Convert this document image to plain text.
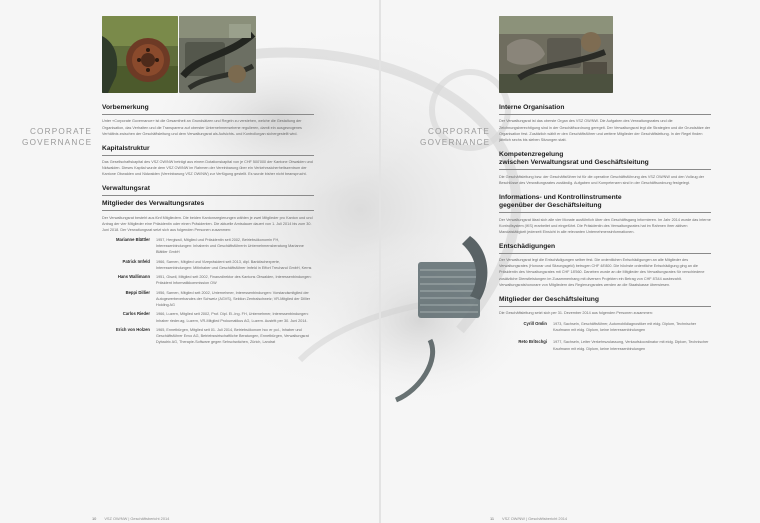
CORPORATE
GOVERNANCE
CORPORATE
GOVERNANCE
Vorbemerkung

Unter «Corporate Governance» ist die Gesamtheit an Grundsätzen und Regeln zu verstehen, welche die Gestaltung der Organisation, das Verhalten und die Transparenz auf oberster Unternehmensebene regulieren, damit ein ausgewogenes Verhältnis zwischen der Geschäftsleitung und dem Verwaltungsrat als Aufsichts- und Kontrollorgan sichergestellt wird.

Kapitalstruktur

Das Gesellschaftskapital des VSZ OW/NW beträgt aus einem Dotationskapital von je CHF 500'000 der Kantone Obwalden und Nidwalden. Dieses Kapital wurde dem VSZ OW/NW im Rahmen der Vereinbarung über ein Verkehrssicherheitszentrum der Kantone Obwalden und Nidwalden (Vereinbarung VSZ OW/NW) zur Verfügung gestellt. Es wurde bisher nicht beansprucht.

Verwaltungsrat
Mitglieder des Verwaltungsrates

Der Verwaltungsrat besteht aus fünf Mitgliedern. Die beiden Kantonsregierungen wählen je zwei Mitglieder pro Kanton und und Antrag der vier Mitglieder eine Präsidentin oder einen Präsidenten. Die aktuelle Amtsdauer dauert von 1. Juli 2014 bis zum 30. Juni 2018. Der Verwaltungsrat setzt sich aus folgenden Personen zusammen:

Marianne Blättler	1957, Hergiswil, Mitglied und Präsidentin seit 2002, Betriebsökonomin FH, Interessenbindungen: Inhaberin und Geschäftsführerin Unternehmensberatung Marianne Blättler GmbH
Patrick Imfeld	1966, Sarnen, Mitglied und Vizepräsident seit 2013, dipl. Bankfachexperte, Interessenbindungen: Mitinhaber und Geschäftsführer Imfeld in Effort Treuhand GmbH, Kerns
Hans Wallimann	1951, Giswil, Mitglied seit 2002, Finanzdirektor des Kantons Obwalden, Interessenbindungen: Präsident Informatikkommission OW
Beppi Dillier	1956, Sarnen, Mitglied seit 2002, Unternehmer, Interessenbindungen: Vorstandsmitglied der Autogewerbeverbandes der Schweiz (AGVS), Sektion Zentralschweiz; VR-Mitglied der Dillier Holding AG
Carlos Rieder	1966, Luzern, Mitglied seit 2002, Prof. Dipl. El.-Ing. FH, Unternehmer, Interessenbindungen: Inhaber rieder.ag, Luzern, VR-Mitglied Prokumatikus AG, Luzern. Austritt per 30. Juni 2014.
Erich von Holzen	1965, Ennetbürgen, Mitglied seit 01. Juli 2014, Betriebsökonom hcc er pol., Inhaber und Geschäftsführer Envo AG, Betriebswirtschaftliche Beratungen, Ennetbürgen, Verwaltungsrat Dybadrix AG, Therapie-Software gegen Sehschwächen, Zürich, Landrat
Interne Organisation

Der Verwaltungsrat ist das oberste Organ des VSZ OW/NW. Die Aufgaben des Verwaltungsrates und die Zeichnungsberechtigung sind in der Geschäftsordnung geregelt. Der Verwaltungsrat legt die Strategien und die Grundsätze der Organisation fest. Zusätzlich wählt er den Geschäftsführer und weitere Mitglieder der Geschäftsleitung. In der Regel finden jährlich sechs bis sieben Sitzungen statt.

Kompetenzregelung
zwischen Verwaltungsrat und Geschäftsleitung

Die Geschäftsleitung bzw. der Geschäftsführer ist für die operative Geschäftsführung des VSZ OW/NW und den Vollzug der Beschlüsse des Verwaltungsrates zuständig. Aufgaben und Kompetenzen sind in der Geschäftsordnung festgelegt.

Informations- und Kontrollinstrumente
gegenüber der Geschäftsleitung

Der Verwaltungsrat lässt sich alle vier Monate ausführlich über den Geschäftsgang informieren. Im Jahr 2014 wurde das interne Kontrollsystem (IKS) erarbeitet und eingeführt. Die Präsidentin des Verwaltungsrates hat im Rahmen ihrer aktiven Mandatstätigkeit jederzeit Einsicht in alle relevanten Unternehmensinformationen.

Entschädigungen

Der Verwaltungsrat legt die Entschädigungen selber fest. Die ordentlichen Entschädigungen an alle Mitglieder des Verwaltungsrates (Honorar und Sitzungsgeld) betrugen CHF 48'800. Die höchste ordentliche Entschädigung ging an die Präsidentin des Verwaltungsrates mit CHF 18'560. Daneben wurde an die Mitglieder des Verwaltungsrates für verschiedene zusätzliche Dienstleistungen im Zusammenhang mit diversen Projekten ein Betrag von CHF 8'344 ausbezahlt. Verwaltungsratshonorare von Mitgliedern des Regierungsrates werden an die Staatskasse überwiesen.

Mitglieder der Geschäftsleitung

Die Geschäftsleitung setzt sich per 31. Dezember 2014 aus folgenden Personen zusammen:

Cyrill Omlin	1973, Sachseln, Geschäftsführer, Automobildiagnostiker mit eidg. Diplom, Technischer Kaufmann mit eidg. Diplom, keine Interessenbindungen
Reto Britschgi	1977, Sachseln, Leiter Verkehrszulassung, Verkaufskoordinator mit eidg. Diplom, Technischer Kaufmann mit eidg. Diplom, keine Interessenbindungen
10 VSZ OW/NW | Geschäftsbericht 2014	11 VSZ OW/NW | Geschäftsbericht 2014
